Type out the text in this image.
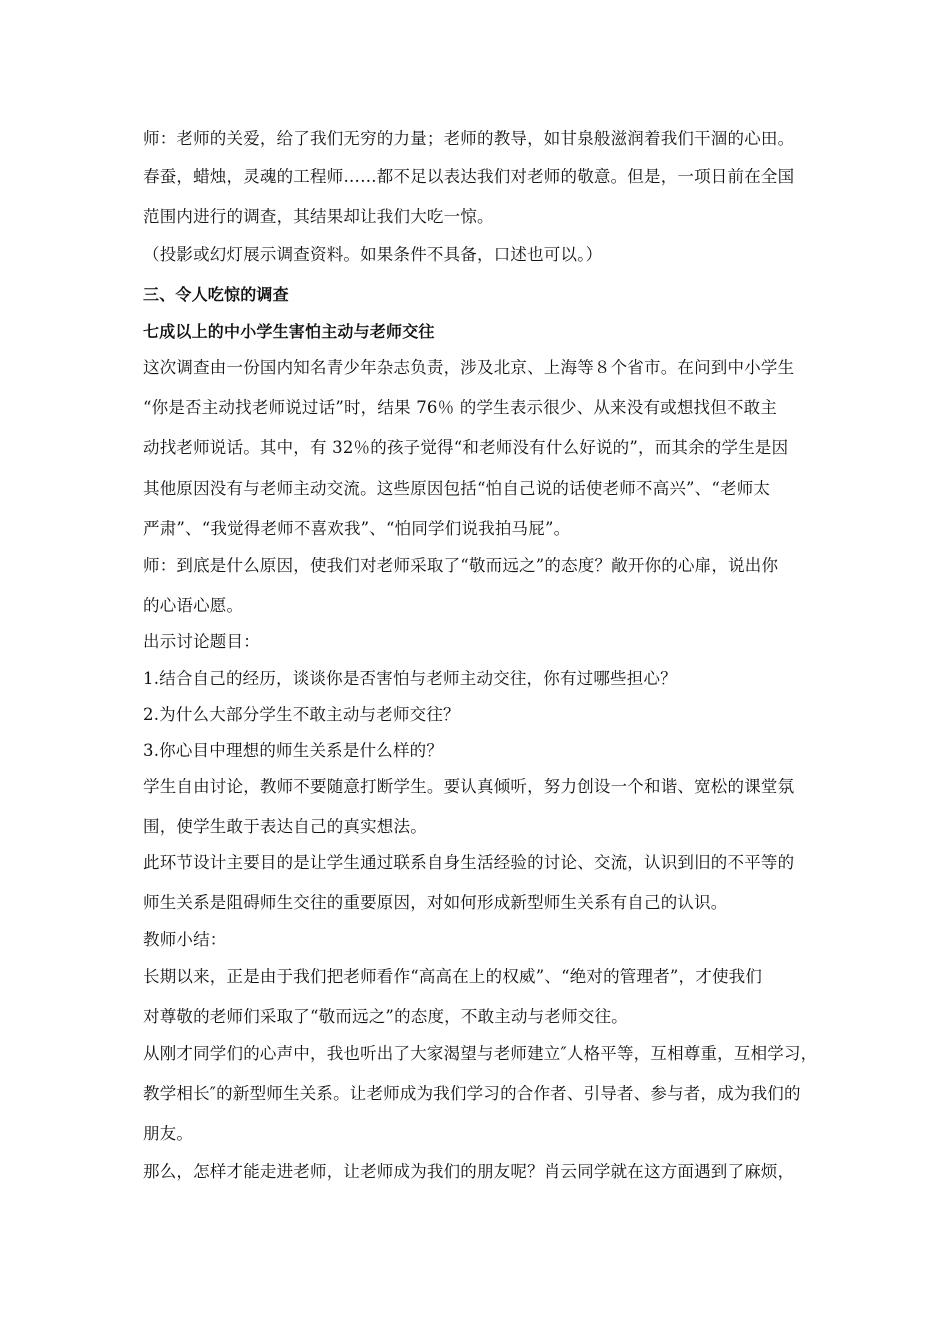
师：老师的关爱，给了我们无穷的力量；老师的教导，如甘泉般滋润着我们干涸的心田。
春蚕，蜡烛，灵魂的工程师……都不足以表达我们对老师的敬意。但是，一项日前在全国
范围内进行的调查，其结果却让我们大吃一惊。
（投影或幻灯展示调查资料。如果条件不具备，口述也可以。）
三、令人吃惊的调查
七成以上的中小学生害怕主动与老师交往
这次调查由一份国内知名青少年杂志负责，涉及北京、上海等８个省市。在问到中小学生
“你是否主动找老师说过话”时，结果 76％ 的学生表示很少、从来没有或想找但不敢主
动找老师说话。其中，有 32％的孩子觉得“和老师没有什么好说的”，而其余的学生是因
其他原因没有与老师主动交流。这些原因包括“怕自己说的话使老师不高兴”、“老师太
严肃”、“我觉得老师不喜欢我”、“怕同学们说我拍马屁”。
师：到底是什么原因，使我们对老师采取了“敬而远之”的态度？敞开你的心扉，说出你
的心语心愿。
出示讨论题目：
1.结合自己的经历，谈谈你是否害怕与老师主动交往，你有过哪些担心？
2.为什么大部分学生不敢主动与老师交往？
3.你心目中理想的师生关系是什么样的？
学生自由讨论，教师不要随意打断学生。要认真倾听，努力创设一个和谐、宽松的课堂氛
围，使学生敢于表达自己的真实想法。
此环节设计主要目的是让学生通过联系自身生活经验的讨论、交流，认识到旧的不平等的
师生关系是阻碍师生交往的重要原因，对如何形成新型师生关系有自己的认识。
教师小结：
长期以来，正是由于我们把老师看作“高高在上的权威”、“绝对的管理者”，才使我们
对尊敬的老师们采取了“敬而远之”的态度，不敢主动与老师交往。
从刚才同学们的心声中，我也听出了大家渴望与老师建立″人格平等，互相尊重，互相学习，
教学相长″的新型师生关系。让老师成为我们学习的合作者、引导者、参与者，成为我们的
朋友。
那么，怎样才能走进老师，让老师成为我们的朋友呢？肖云同学就在这方面遇到了麻烦，
